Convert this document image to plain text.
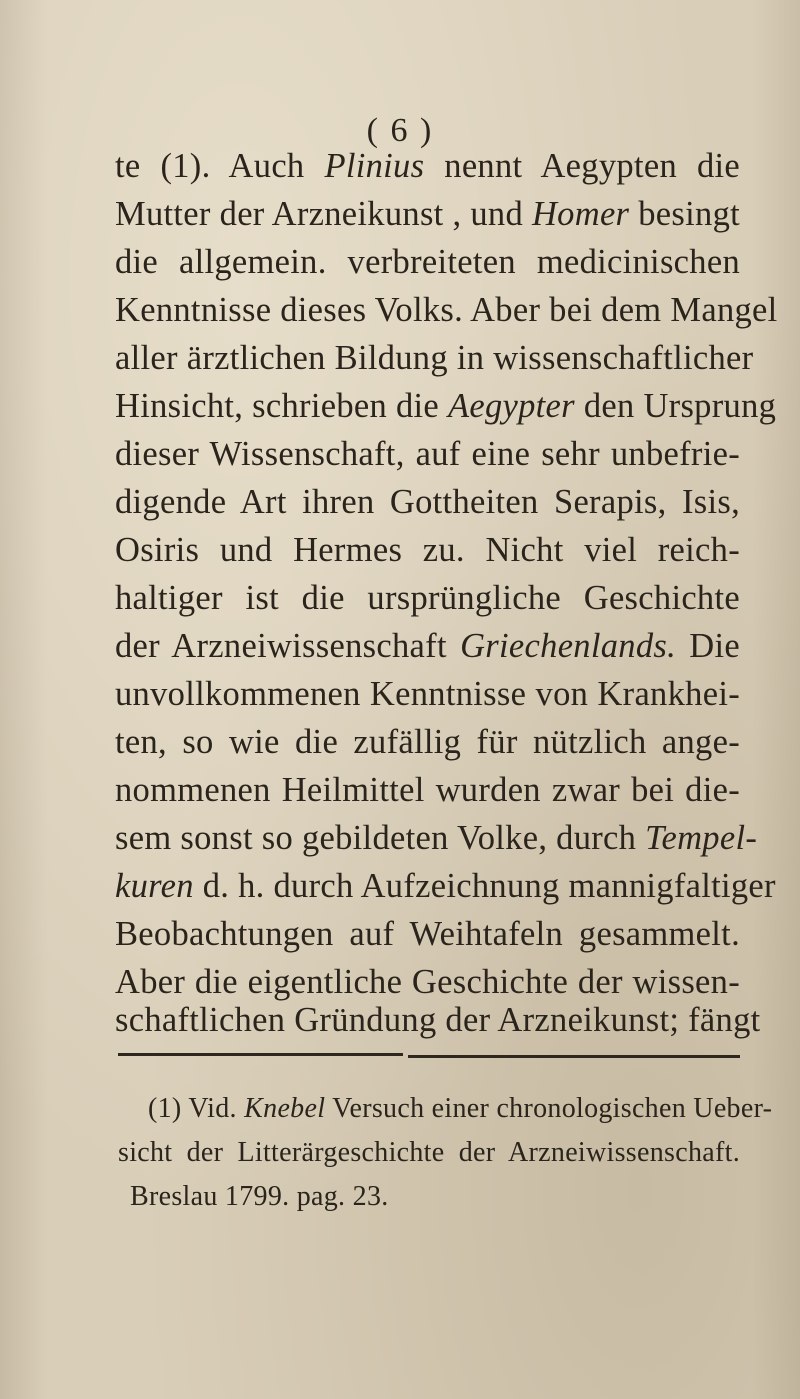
( 6 )
te (1). Auch Plinius nennt Aegypten die
Mutter der Arzneikunst , und Homer besingt
die allgemein. verbreiteten medicinischen
Kenntnisse dieses Volks. Aber bei dem Mangel
aller ärztlichen Bildung in wissenschaftlicher
Hinsicht, schrieben die Aegypter den Ursprung
dieser Wissenschaft, auf eine sehr unbefrie-
digende Art ihren Gottheiten Serapis, Isis,
Osiris und Hermes zu. Nicht viel reich-
haltiger ist die ursprüngliche Geschichte
der Arzneiwissenschaft Griechenlands. Die
unvollkommenen Kenntnisse von Krankhei-
ten, so wie die zufällig für nützlich ange-
nommenen Heilmittel wurden zwar bei die-
sem sonst so gebildeten Volke, durch Tempel-
kuren d. h. durch Aufzeichnung mannigfaltiger
Beobachtungen auf Weihtafeln gesammelt.
Aber die eigentliche Geschichte der wissen-
schaftlichen Gründung der Arzneikunst; fängt
(1) Vid. Knebel Versuch einer chronologischen Ueber-
sicht der Litterärgeschichte der Arzneiwissenschaft.
Breslau 1799. pag. 23.
